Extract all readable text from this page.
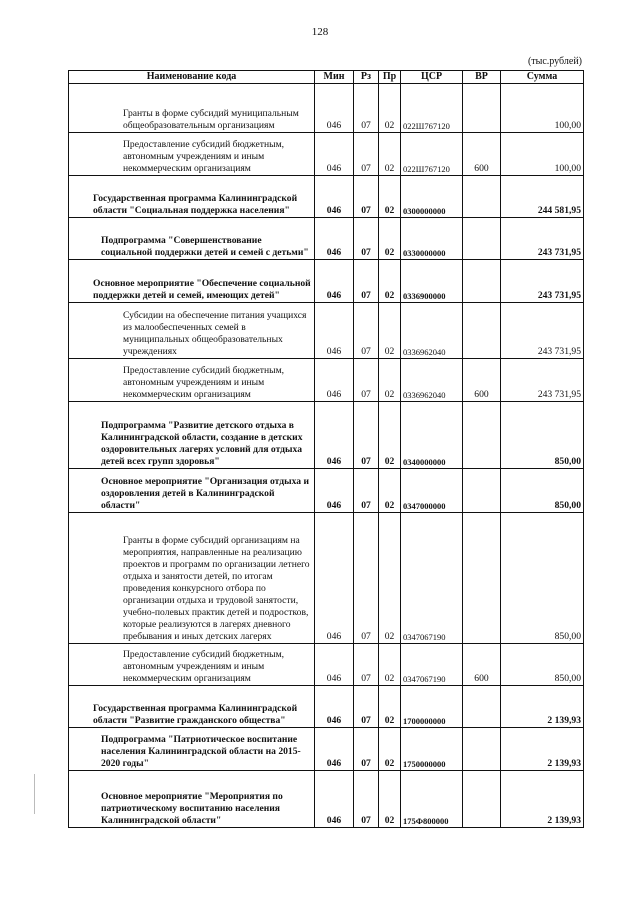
128
(тыс.рублей)
Наименование кода	Мин	Рз	Пр	ЦСР	ВР	Сумма
Гранты в форме субсидий муниципальным общеобразовательным организациям	046	07	02	022Ш767120		100,00
Предоставление субсидий бюджетным, автономным учреждениям и иным некоммерческим организациям	046	07	02	022Ш767120	600	100,00
Государственная программа Калининградской области "Социальная поддержка населения"	046	07	02	0300000000		244 581,95
Подпрограмма "Совершенствование социальной поддержки детей и семей с детьми"	046	07	02	0330000000		243 731,95
Основное мероприятие "Обеспечение социальной поддержки детей и семей, имеющих детей"	046	07	02	0336900000		243 731,95
Субсидии на обеспечение питания учащихся из малообеспеченных семей в муниципальных общеобразовательных учреждениях	046	07	02	0336962040		243 731,95
Предоставление субсидий бюджетным, автономным учреждениям и иным некоммерческим организациям	046	07	02	0336962040	600	243 731,95
Подпрограмма "Развитие детского отдыха в Калининградской области, создание в детских оздоровительных лагерях условий для отдыха детей всех групп здоровья"	046	07	02	0340000000		850,00
Основное мероприятие "Организация отдыха и оздоровления детей в Калининградской области"	046	07	02	0347000000		850,00
Гранты в форме субсидий организациям на мероприятия, направленные на реализацию проектов и программ по организации летнего отдыха и занятости детей, по итогам проведения конкурсного отбора по организации отдыха и трудовой занятости, учебно-полевых практик детей и подростков, которые реализуются в лагерях дневного пребывания и иных детских лагерях	046	07	02	0347067190		850,00
Предоставление субсидий бюджетным, автономным учреждениям и иным некоммерческим организациям	046	07	02	0347067190	600	850,00
Государственная программа Калининградской области "Развитие гражданского общества"	046	07	02	1700000000		2 139,93
Подпрограмма "Патриотическое воспитание населения Калининградской области на 2015-2020 годы"	046	07	02	1750000000		2 139,93
Основное мероприятие "Мероприятия по патриотическому воспитанию населения Калининградской области"	046	07	02	175Ф800000		2 139,93
